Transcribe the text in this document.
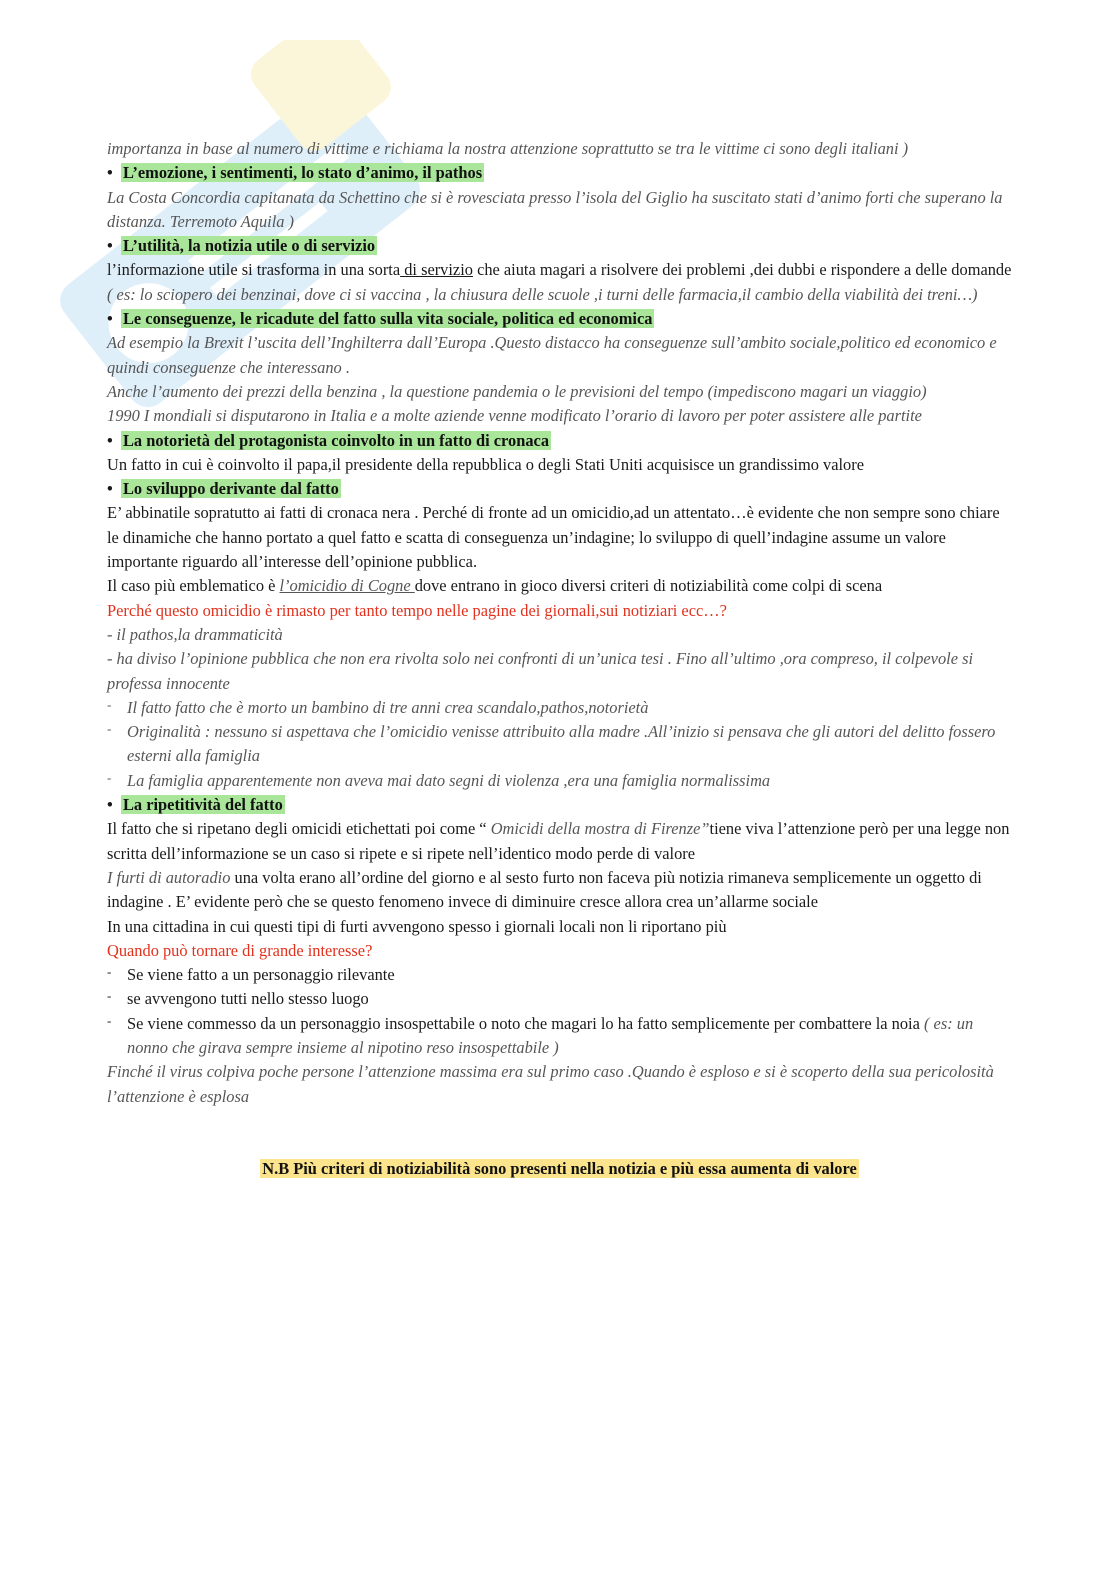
importanza in base al numero di vittime e richiama la nostra attenzione soprattutto se tra le vittime ci sono degli italiani )
• L’emozione, i sentimenti, lo stato d’animo, il pathos
La Costa Concordia capitanata da Schettino che si è rovesciata presso l’isola del Giglio ha suscitato stati d’animo forti che superano la distanza. Terremoto Aquila )
• L’utilità, la notizia utile o di servizio
l’informazione utile si trasforma in una sorta di servizio che aiuta magari a risolvere dei problemi ,dei dubbi e rispondere a delle domande ( es: lo sciopero dei benzinai, dove ci si vaccina , la chiusura delle scuole ,i turni delle farmacia,il cambio della viabilità dei treni…)
• Le conseguenze, le ricadute del fatto sulla vita sociale, politica ed economica
Ad esempio la Brexit l’uscita dell’Inghilterra dall’Europa .Questo distacco ha conseguenze sull’ambito sociale,politico ed economico e quindi conseguenze che interessano .
Anche l’aumento dei prezzi della benzina , la questione pandemia o le previsioni del tempo (impediscono magari un viaggio)
1990 I mondiali si disputarono in Italia e a molte aziende venne modificato l’orario di lavoro per poter assistere alle partite
• La notorietà del protagonista coinvolto in un fatto di cronaca
Un fatto in cui è coinvolto il papa,il presidente della repubblica o degli Stati Uniti acquisisce un grandissimo valore
• Lo sviluppo derivante dal fatto
E’ abbinatile sopratutto ai fatti di cronaca nera . Perché di fronte ad un omicidio,ad un attentato…è evidente che non sempre sono chiare le dinamiche che hanno portato a quel fatto e scatta di conseguenza un’indagine; lo sviluppo di quell’indagine assume un valore importante riguardo all’interesse dell’opinione pubblica.
Il caso più emblematico è l’omicidio di Cogne dove entrano in gioco diversi criteri di notiziabilità come colpi di scena
Perché questo omicidio è rimasto per tanto tempo nelle pagine dei giornali,sui notiziari ecc…?
- il pathos,la drammaticità
- ha diviso l’opinione pubblica che non era rivolta solo nei confronti di un’unica tesi . Fino all’ultimo ,ora compreso, il colpevole si professa innocente
- Il fatto fatto che è morto un bambino di tre anni crea scandalo,pathos,notorietà
- Originalità : nessuno si aspettava che l’omicidio venisse attribuito alla madre .All’inizio si pensava che gli autori del delitto fossero esterni alla famiglia
- La famiglia apparentemente non aveva mai dato segni di violenza ,era una famiglia normalissima
• La ripetitività del fatto
Il fatto che si ripetano degli omicidi etichettati poi come “ Omicidi della mostra di Firenze”tiene viva l’attenzione però per una legge non scritta dell’informazione se un caso si ripete e si ripete nell’identico modo perde di valore
I furti di autoradio una volta erano all’ordine del giorno e al sesto furto non faceva più notizia rimaneva semplicemente un oggetto di indagine . E’ evidente però che se questo fenomeno invece di diminuire cresce allora crea un’allarme sociale
In una cittadina in cui questi tipi di furti avvengono spesso i giornali locali non li riportano più
Quando può tornare di grande interesse?
- Se viene fatto a un personaggio rilevante
- se avvengono tutti nello stesso luogo
- Se viene commesso da un personaggio insospettabile o noto che magari lo ha fatto semplicemente per combattere la noia ( es: un nonno che girava sempre insieme al nipotino reso insospettabile )
Finché il virus colpiva poche persone l’attenzione massima era sul primo caso .Quando è esploso e si è scoperto della sua pericolosità l’attenzione è esplosa
N.B Più criteri di notiziabilità sono presenti nella notizia e più essa aumenta di valore
